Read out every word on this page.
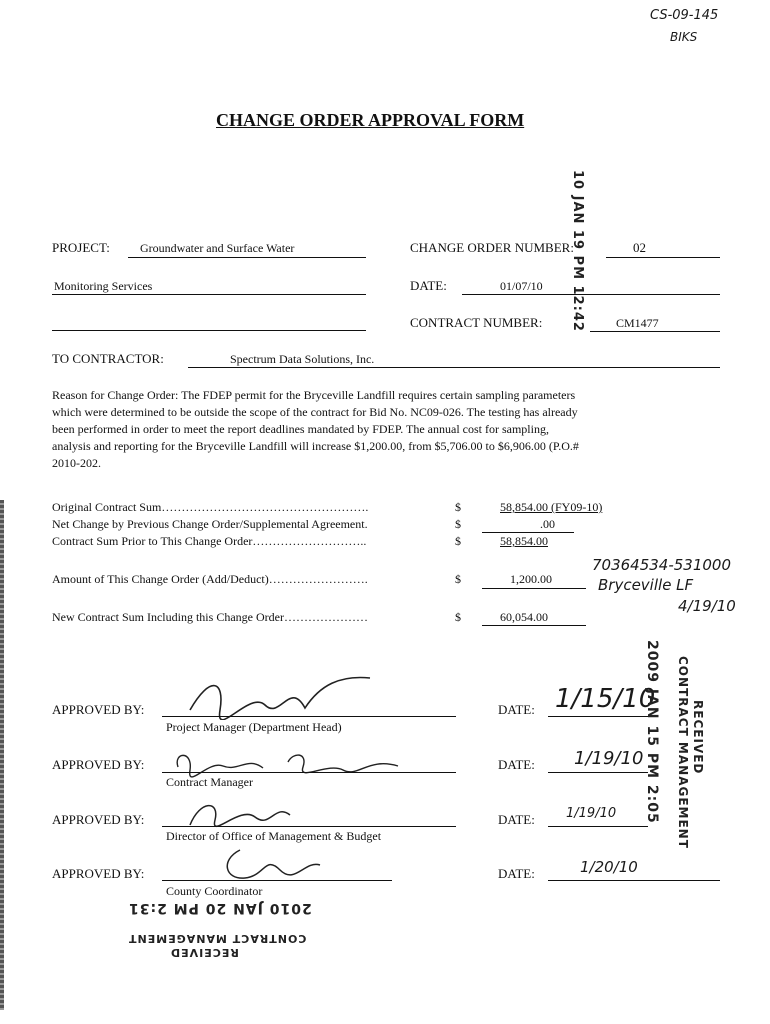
CS-09-145
BIKS
CHANGE ORDER APPROVAL FORM
10 JAN 19 PM 12:42
PROJECT:	Groundwater and Surface Water
Monitoring Services
CHANGE ORDER NUMBER:	02
DATE:	01/07/10
CONTRACT NUMBER:	CM1477
TO CONTRACTOR:	Spectrum Data Solutions, Inc.
Reason for Change Order: The FDEP permit for the Bryceville Landfill requires certain sampling parameters
which were determined to be outside the scope of the contract for Bid No. NC09-026. The testing has already
been performed in order to meet the report deadlines mandated by FDEP. The annual cost for sampling,
analysis and reporting for the Bryceville Landfill will increase $1,200.00, from $5,706.00 to $6,906.00 (P.O.#
2010-202.
Original Contract Sum…………………………………………….	$	58,854.00 (FY09-10)
Net Change by Previous Change Order/Supplemental Agreement.	$	.00
Contract Sum Prior to This Change Order………………………..	$	58,854.00
Amount of This Change Order (Add/Deduct)…………………….	$	1,200.00
New Contract Sum Including this Change Order…………………	$	60,054.00
70364534-531000
Bryceville LF
4/19/10
APPROVED BY:
Project Manager (Department Head)
DATE: 1/15/10
APPROVED BY:
Contract Manager
DATE: 1/19/10
APPROVED BY:
Director of Office of Management & Budget
DATE: 1/19/10
APPROVED BY:
County Coordinator
DATE:	1/20/10
2009 JAN 15 PM 2:05	RECEIVED
CONTRACT MANAGEMENT
2010 JAN 20 PM 2:31
CONTRACT MANAGEMENT
RECEIVED
